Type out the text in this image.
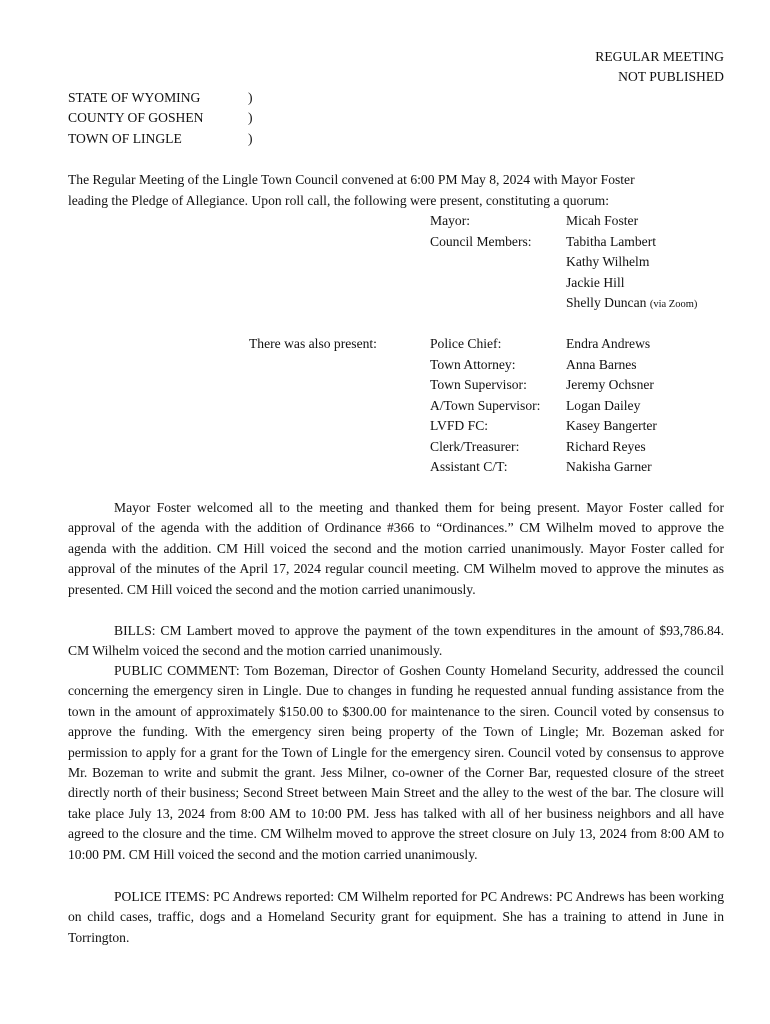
REGULAR MEETING
NOT PUBLISHED
STATE OF WYOMING	)
COUNTY OF GOSHEN	)
TOWN OF LINGLE	)
The Regular Meeting of the Lingle Town Council convened at 6:00 PM May 8, 2024 with Mayor Foster
leading the Pledge of Allegiance. Upon roll call, the following were present, constituting a quorum:
Mayor:	Micah Foster
Council Members:	Tabitha Lambert
Kathy Wilhelm
Jackie Hill
Shelly Duncan (via Zoom)
There was also present:	Police Chief:	Endra Andrews
Town Attorney:	Anna Barnes
Town Supervisor:	Jeremy Ochsner
A/Town Supervisor: Logan Dailey
LVFD FC:	Kasey Bangerter
Clerk/Treasurer:	Richard Reyes
Assistant C/T:	Nakisha Garner
Mayor Foster welcomed all to the meeting and thanked them for being present. Mayor Foster called for approval of the agenda with the addition of Ordinance #366 to “Ordinances.” CM Wilhelm moved to approve the agenda with the addition. CM Hill voiced the second and the motion carried unanimously. Mayor Foster called for approval of the minutes of the April 17, 2024 regular council meeting. CM Wilhelm moved to approve the minutes as presented. CM Hill voiced the second and the motion carried unanimously.
BILLS: CM Lambert moved to approve the payment of the town expenditures in the amount of $93,786.84. CM Wilhelm voiced the second and the motion carried unanimously.
PUBLIC COMMENT: Tom Bozeman, Director of Goshen County Homeland Security, addressed the council concerning the emergency siren in Lingle. Due to changes in funding he requested annual funding assistance from the town in the amount of approximately $150.00 to $300.00 for maintenance to the siren. Council voted by consensus to approve the funding. With the emergency siren being property of the Town of Lingle; Mr. Bozeman asked for permission to apply for a grant for the Town of Lingle for the emergency siren. Council voted by consensus to approve Mr. Bozeman to write and submit the grant. Jess Milner, co-owner of the Corner Bar, requested closure of the street directly north of their business; Second Street between Main Street and the alley to the west of the bar. The closure will take place July 13, 2024 from 8:00 AM to 10:00 PM. Jess has talked with all of her business neighbors and all have agreed to the closure and the time. CM Wilhelm moved to approve the street closure on July 13, 2024 from 8:00 AM to 10:00 PM. CM Hill voiced the second and the motion carried unanimously.
POLICE ITEMS: PC Andrews reported: CM Wilhelm reported for PC Andrews: PC Andrews has been working on child cases, traffic, dogs and a Homeland Security grant for equipment. She has a training to attend in June in Torrington.
